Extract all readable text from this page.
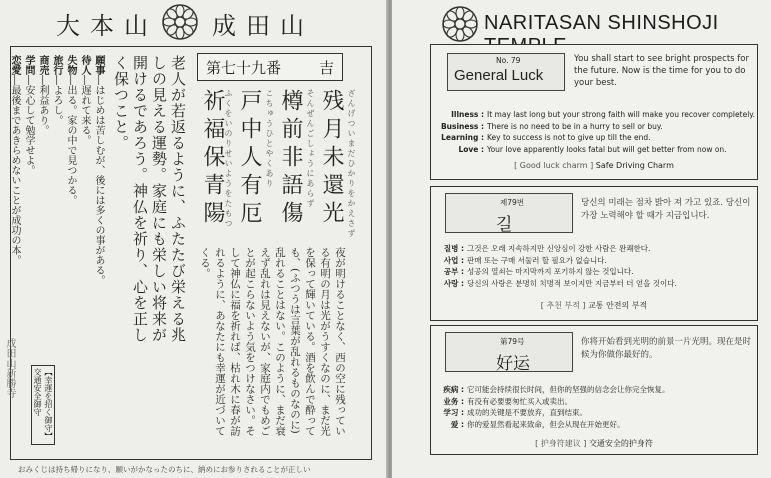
大本山 成田山
第七十九番	吉
ざんげついまだひかりをかえさず
残月未還光
そんぜんごしょうにあらず
樽前非語傷
こちゅうひとやくあり
戸中人有厄
ふくをいのりせいようをたもつ
祈福保青陽
夜が明けることなく、西の空に残っている有明の月は光がうすくなのに、まだ光を保って輝いている。酒を飲んで酔っても、(ふつうは言葉が乱れるものなのに)乱れることはない。このように、まだ衰えず乱れは見えないが、家庭内でもめごとが起こらないよう気をつけなさい。そして神仏に福を祈れば、枯れ木に春が訪れるように、あなたにも幸運が近づいてくる。
老人が若返るように、ふたたび栄える兆しの見える運勢。家庭にも栄しい将来が開けるであろう。神仏を祈り、心を正しく保つこと。
願事―はじめは苦しむが、後には多くの事がある。
待人―遅れて来る。
失物―出る。家の中で見つかる。
旅行―よろし。
商売―利益あり。
学問―安心して勉学せよ。
恋愛―最後まであきらめないことが成功の本。
【幸運を招く御守】交通安全御守
成田山新勝寺
おみくじは持ち帰りになり、願いがかなったのちに、納めにお参りされることが正しい
NARITASAN SHINSHOJI
No. 79
General Luck
You shall start to see bright prospects for the future. Now is the time for you to do your best.
Illness : It may last long but your strong faith will make you recover completely.
Business : There is no need to be in a hurry to sell or buy.
Learning : Key to success is not to give up till the end.
Love : Your love apparently looks fatal but will get better from now on.
[ Good luck charm ] Safe Driving Charm
제79번
길
당신의 미래는 점차 밝아 져 가고 있죠. 당신이 가장 노력해야 할 때가 지금입니다.
질병 : 그것은 오래 지속하지만 신앙심이 강한 사람은 완쾌한다.
사업 : 판매 또는 구매 서둘러 할 필요가 없습니다.
공부 : 성공의 열쇠는 마지막까지 포기하지 않는 것입니다.
사랑 : 당신의 사랑은 분명히 치명적 보이지만 지금부터 더 얻을 것이다.
[ 추천 부적 ] 교통 안전의 부적
第79号
好运
你将开始看到光明的前景一片光明。现在是时候为你做你最好的。
疾病 : 它可能会持续很长时间，但你的坚强的信念会让你完全恢复。
业务 : 有没有必要要匆忙买入或卖出。
学习 : 成功的关键是不要放弃，直到结束。
爱 : 你的爱显然看起来致命，但会从现在开始更好。
[ 护身符建议 ] 交通安全的护身符
